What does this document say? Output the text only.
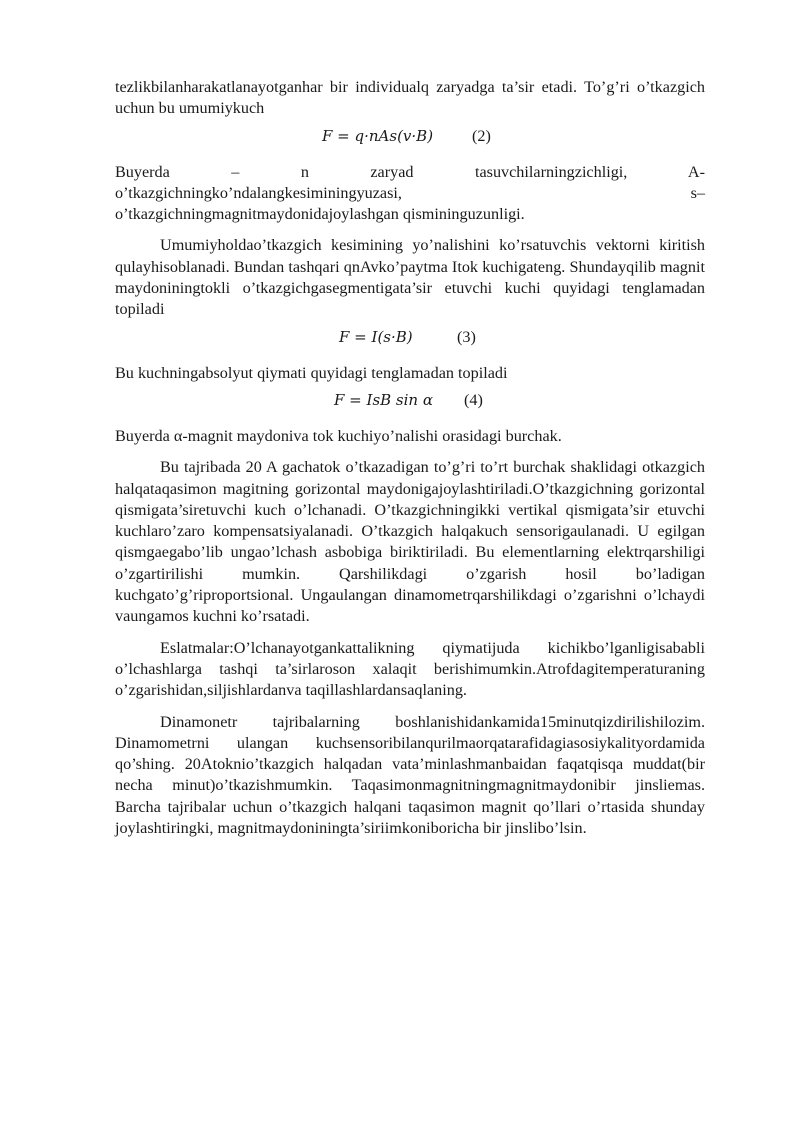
tezlikbilanharakatlanayotganhar bir individualq zaryadga ta’sir etadi. To’g’ri o’tkazgich uchun bu umumiykuch

F = q·nAs(v·B)	(2)

Buyerda – n zaryad tasuvchilarningzichligi, A-

o’tkazgichningko’ndalangkesiminingyuzasi, s–

o’tkazgichningmagnitmaydonidajoylashgan qismininguzunligi.

Umumiyholdao’tkazgich kesimining yo’nalishini ko’rsatuvchis vektorni kiritish qulayhisoblanadi. Bundan tashqari qnAvko’paytma Itok kuchigateng. Shundayqilib magnit maydoniningtokli o’tkazgichgasegmentigata’sir etuvchi kuchi quyidagi tenglamadan topiladi

F = I(s·B)	(3)

Bu kuchningabsolyut qiymati quyidagi tenglamadan topiladi

F = IsB sin α	(4)

Buyerda α-magnit maydoniva tok kuchiyo’nalishi orasidagi burchak.

Bu tajribada 20 A gachatok o’tkazadigan to’g’ri to’rt burchak shaklidagi otkazgich halqataqasimon magitning gorizontal maydonigajoylashtiriladi.O’tkazgichning gorizontal qismigata’siretuvchi kuch o’lchanadi. O’tkazgichningikki vertikal qismigata’sir etuvchi kuchlaro’zaro kompensatsiyalanadi. O’tkazgich halqakuch sensorigaulanadi. U egilgan qismgaegabo’lib ungao’lchash asbobiga biriktiriladi. Bu elementlarning elektrqarshiligi o’zgartirilishi mumkin. Qarshilikdagi o’zgarish hosil bo’ladigan kuchgato’g’riproportsional. Ungaulangan dinamometrqarshilikdagi o’zgarishni o’lchaydi vaungamos kuchni ko’rsatadi.

Eslatmalar:O’lchanayotgankattalikning qiymatijuda kichikbo’lganligisababli o’lchashlarga tashqi ta’sirlaroson xalaqit berishimumkin.Atrofdagitemperaturaning o’zgarishidan,siljishlardanva taqillashlardansaqlaning.

Dinamonetr tajribalarning boshlanishidankamida15minutqizdirilishilozim. Dinamometrni ulangan kuchsensoribilanqurilmaorqatarafidagiasosiykalityordamida qo’shing. 20Atoknio’tkazgich halqadan vata’minlashmanbaidan faqatqisqa muddat(bir necha minut)o’tkazishmumkin. Taqasimonmagnitningmagnitmaydonibir jinsliemas. Barcha tajribalar uchun o’tkazgich halqani taqasimon magnit qo’llari o’rtasida shunday joylashtiringki, magnitmaydoniningta’siriimkoniboricha bir jinslibo’lsin.
